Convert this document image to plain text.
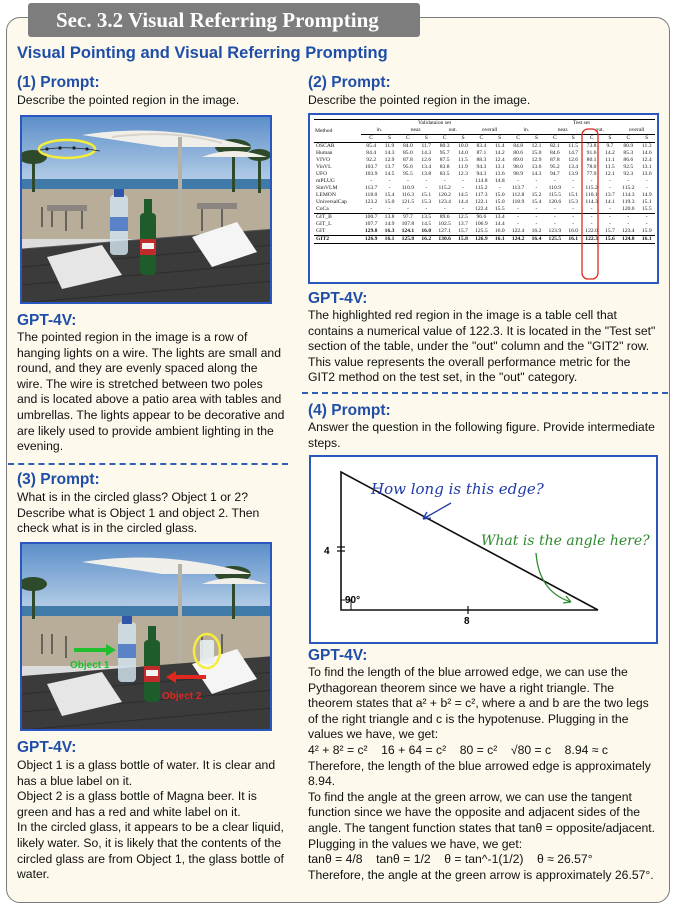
Sec. 3.2 Visual Referring Prompting
Visual Pointing and Visual Referring Prompting
(1) Prompt:
Describe the pointed region in the image.
GPT-4V:
The pointed region in the image is a row of hanging lights on a wire. The lights are small and round, and they are evenly spaced along the wire. The wire is stretched between two poles and is located above a patio area with tables and umbrellas. The lights appear to be decorative and are likely used to provide ambient lighting in the evening.
(3) Prompt:
What is in the circled glass? Object 1 or 2? Describe what is Object 1 and object 2. Then check what is in the circled glass.
Object 1
Object 2
GPT-4V:

Object 1 is a glass bottle of water. It is clear and has a blue label on it.

Object 2 is a glass bottle of Magna beer. It is green and has a red and white label on it.

In the circled glass, it appears to be a clear liquid, likely water. So, it is likely that the contents of the circled glass are from Object 1, the glass bottle of water.

(2) Prompt:
Describe the pointed region in the image.
Method	Validataion set								Test set							
	in.		near.		out.		overall		in.		near.		out.		overall	
	C	S	C	S	C	S	C	S	C	S	C	S	C	S	C	S
OSCAR	85.4	11.9	84.0	11.7	80.3	10.0	83.4	11.4	84.8	12.1	82.1	11.5	73.8	9.7	80.9	11.3
Human	84.4	14.3	85.0	14.3	95.7	14.0	87.1	14.2	80.6	15.0	84.6	14.7	91.6	14.2	85.3	14.6
VIVO	92.2	12.9	87.8	12.6	87.5	11.5	88.3	12.4	89.0	12.9	87.8	12.6	80.1	11.1	86.6	12.4
VinVL	103.7	13.7	95.6	13.4	83.8	11.9	94.3	13.1	98.0	13.6	95.2	13.4	78.0	11.5	92.5	13.1
UFO	103.9	14.5	95.5	13.8	83.5	12.3	94.3	13.6	98.9	14.3	94.7	13.9	77.9	12.1	92.3	13.6
mPLUG	-	-	-	-	-	-	114.8	14.8	-	-	-	-	-	-	-	-
SimVLM	113.7	-	110.9	-	115.2	-	115.2	-	113.7	-	110.9	-	115.2	-	115.2	-
LEMON	118.0	15.4	116.3	15.1	120.2	14.5	117.3	15.0	112.8	15.2	115.5	15.1	110.1	13.7	114.3	14.9
UniversalCap	123.2	15.0	121.5	15.3	123.4	14.4	122.1	15.0	118.9	15.4	120.6	15.3	114.3	14.1	119.3	15.1
CoCa	-	-	-	-	-	-	122.4	15.5	-	-	-	-	-	-	120.6	15.5
GIT_B	100.7	13.8	97.7	13.5	89.6	12.5	96.6	13.4	-	-	-	-	-	-	-	-
GIT_L	107.7	14.9	107.8	14.5	102.5	13.7	106.9	14.4	-	-	-	-	-	-	-	-
GIT	129.8	16.3	124.1	16.0	127.1	15.7	125.5	16.0	122.4	16.2	123.9	16.0	122.0	15.7	123.4	15.9
GIT2	126.9	16.1	125.8	16.2	130.6	15.8	126.9	16.1	124.2	16.4	125.5	16.1	122.3	15.6	124.8	16.1
GPT-4V:
The highlighted red region in the image is a table cell that contains a numerical value of 122.3. It is located in the "Test set" section of the table, under the "out" column and the "GIT2" row. This value represents the overall performance metric for the GIT2 method on the test set, in the "out" category.
(4) Prompt:
Answer the question in the following figure. Provide intermediate steps.
4
8
90°
How long is this edge?
What is the angle here?
GPT-4V:

To find the length of the blue arrowed edge, we can use the Pythagorean theorem since we have a right triangle. The theorem states that a² + b² = c², where a and b are the two legs of the right triangle and c is the hypotenuse. Plugging in the values we have, we get:

4² + 8² = c²    16 + 64 = c²    80 = c²    √80 = c    8.94 ≈ c

Therefore, the length of the blue arrowed edge is approximately 8.94.

To find the angle at the green arrow, we can use the tangent function since we have the opposite and adjacent sides of the angle. The tangent function states that tanθ = opposite/adjacent. Plugging in the values we have, we get:

tanθ = 4/8    tanθ = 1/2    θ = tan^-1(1/2)    θ ≈ 26.57°

Therefore, the angle at the green arrow is approximately 26.57°.
